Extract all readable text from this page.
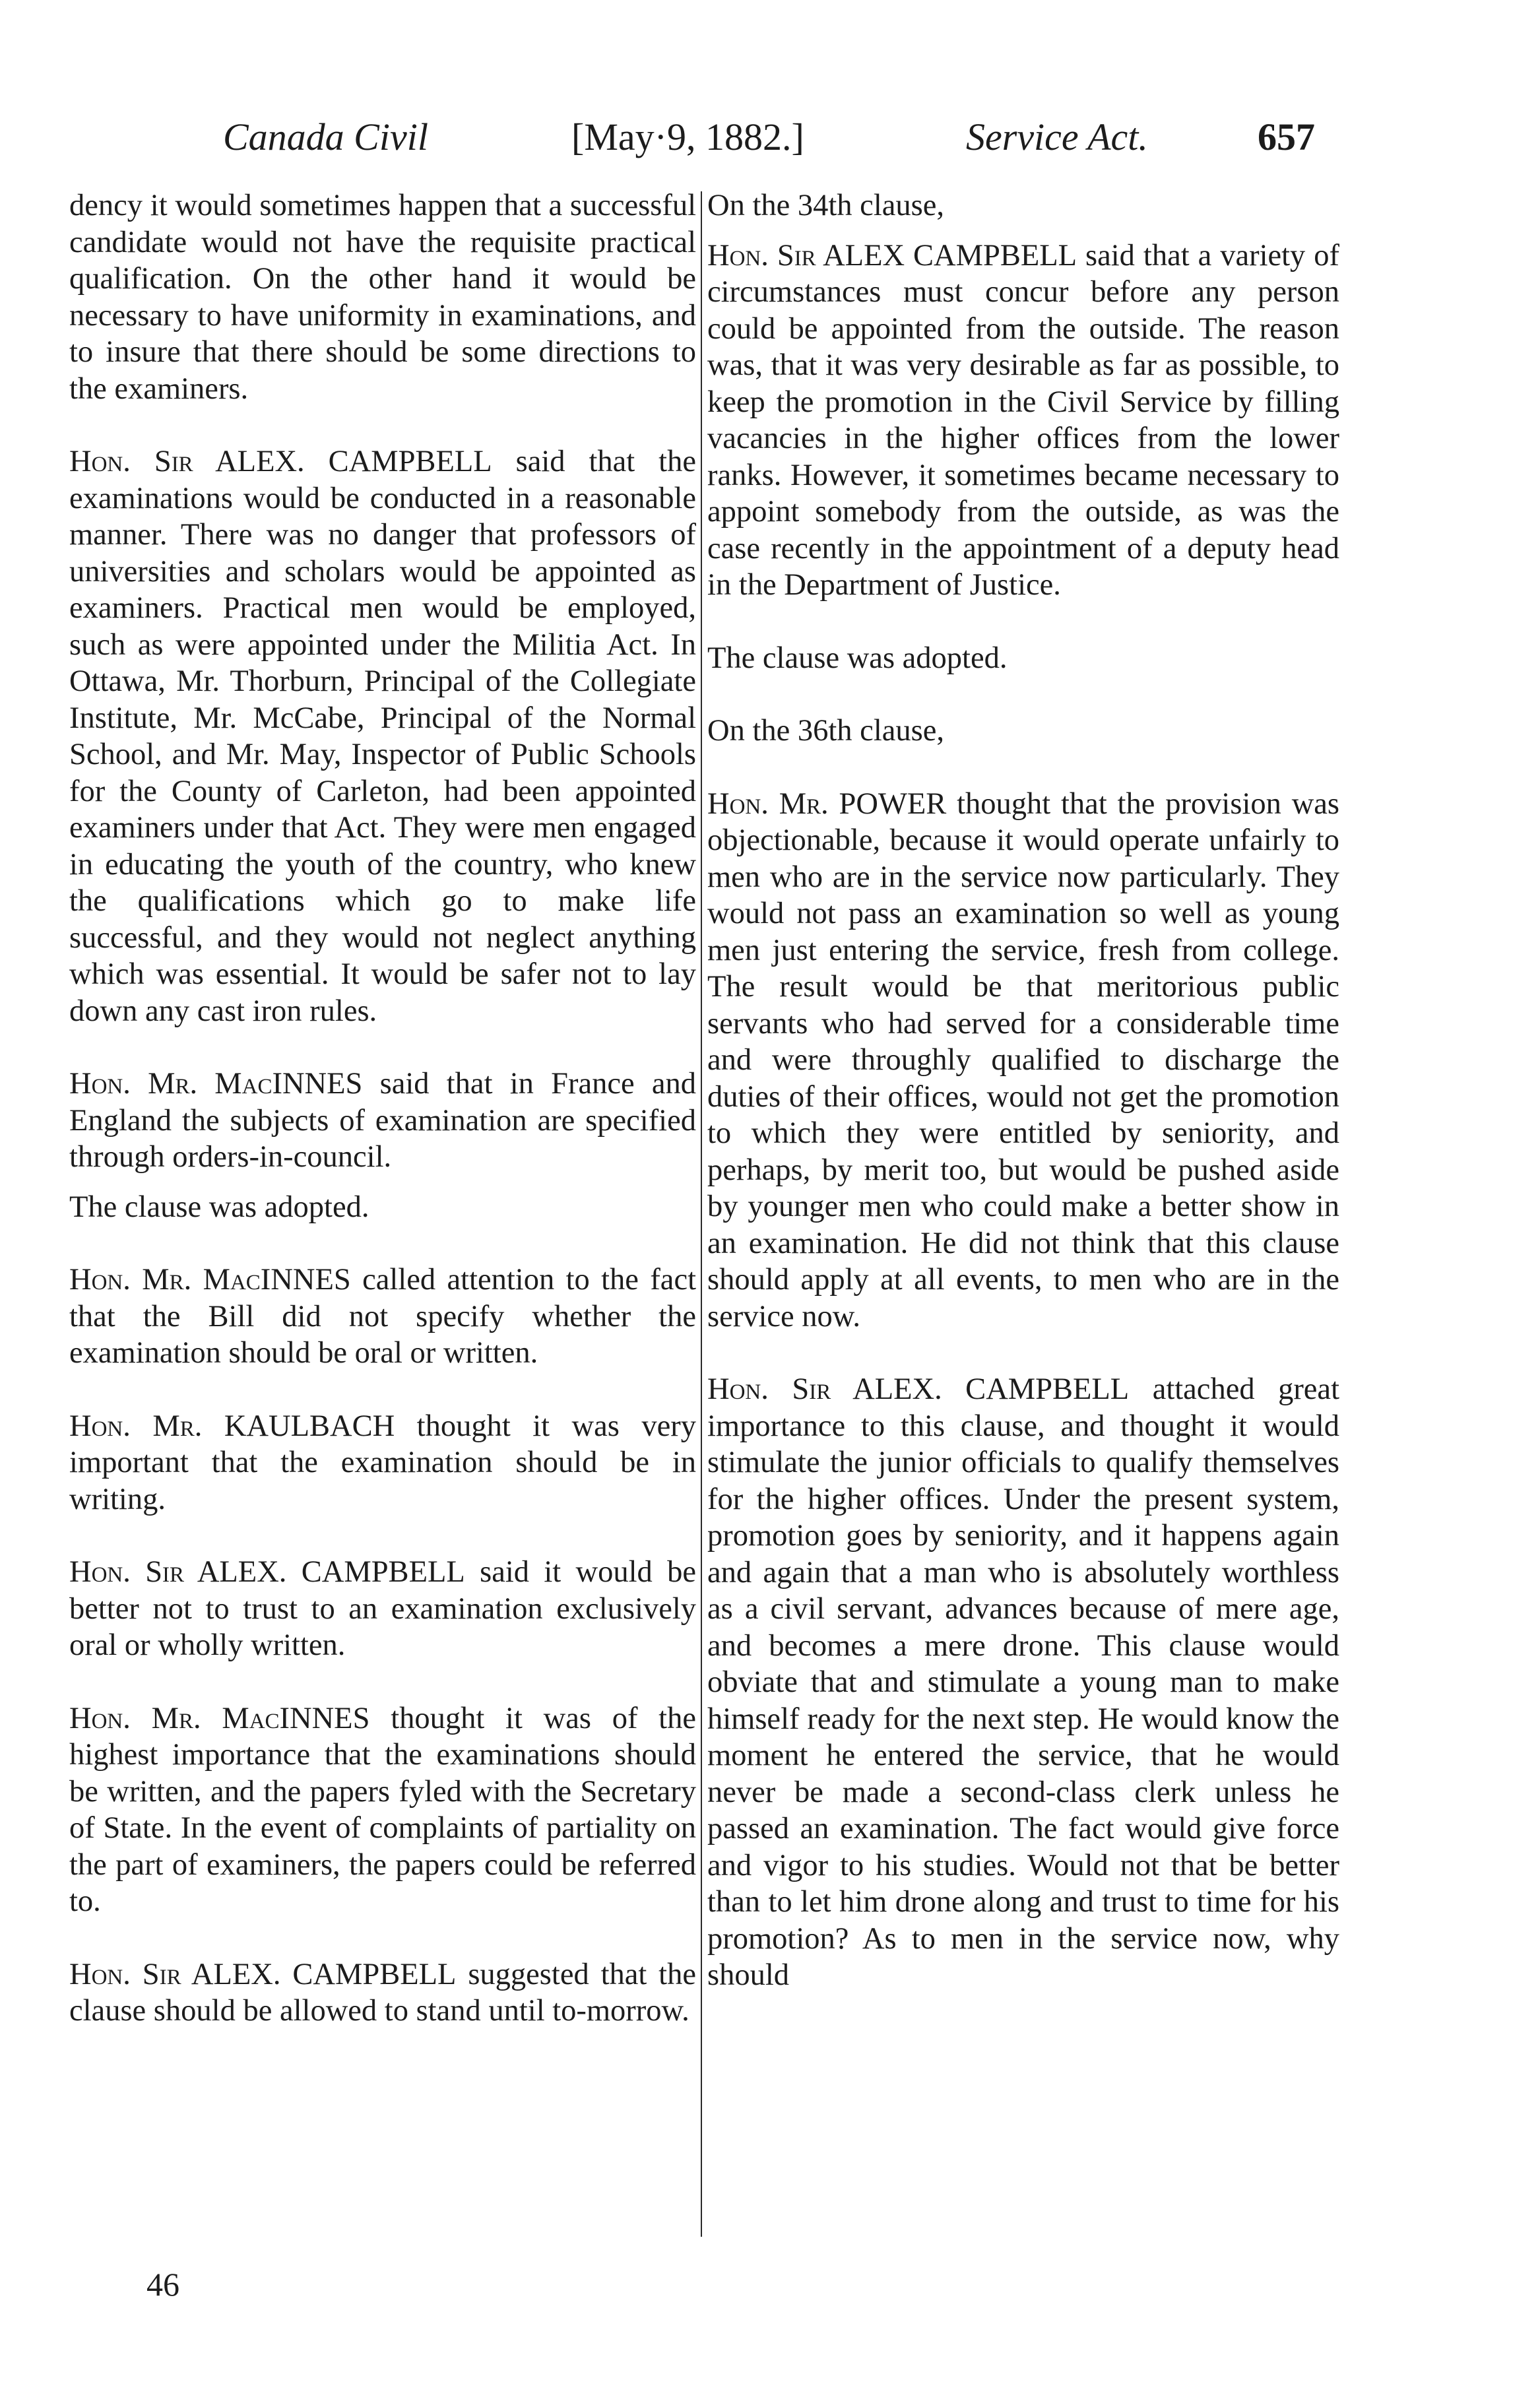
Canada Civil	[May·9, 1882.]	Service Act.	657

dency it would sometimes happen that a successful candidate would not have the requisite practical qualification. On the other hand it would be necessary to have uniformity in examinations, and to insure that there should be some directions to the examiners.

Hon. Sir ALEX. CAMPBELL said that the examinations would be conducted in a reasonable manner. There was no danger that professors of universities and scholars would be appointed as examiners. Practical men would be employed, such as were appointed under the Militia Act. In Ottawa, Mr. Thorburn, Principal of the Collegiate Institute, Mr. McCabe, Principal of the Normal School, and Mr. May, Inspector of Public Schools for the County of Carleton, had been appointed examiners under that Act. They were men engaged in educating the youth of the country, who knew the qualifications which go to make life successful, and they would not neglect anything which was essential. It would be safer not to lay down any cast iron rules.

Hon. Mr. MacINNES said that in France and England the subjects of examination are specified through orders-in-council.

The clause was adopted.

Hon. Mr. MacINNES called attention to the fact that the Bill did not specify whether the examination should be oral or written.

Hon. Mr. KAULBACH thought it was very important that the examination should be in writing.

Hon. Sir ALEX. CAMPBELL said it would be better not to trust to an examination exclusively oral or wholly written.

Hon. Mr. MacINNES thought it was of the highest importance that the examinations should be written, and the papers fyled with the Secretary of State. In the event of complaints of partiality on the part of examiners, the papers could be referred to.

Hon. Sir ALEX. CAMPBELL suggested that the clause should be allowed to stand until to-morrow.

On the 34th clause,

Hon. Sir ALEX CAMPBELL said that a variety of circumstances must concur before any person could be appointed from the outside. The reason was, that it was very desirable as far as possible, to keep the promotion in the Civil Service by filling vacancies in the higher offices from the lower ranks. However, it sometimes became necessary to appoint somebody from the outside, as was the case recently in the appointment of a deputy head in the Department of Justice.

The clause was adopted.

On the 36th clause,

Hon. Mr. POWER thought that the provision was objectionable, because it would operate unfairly to men who are in the service now particularly. They would not pass an examination so well as young men just entering the service, fresh from college. The result would be that meritorious public servants who had served for a considerable time and were throughly qualified to discharge the duties of their offices, would not get the promotion to which they were entitled by seniority, and perhaps, by merit too, but would be pushed aside by younger men who could make a better show in an examination. He did not think that this clause should apply at all events, to men who are in the service now.

Hon. Sir ALEX. CAMPBELL attached great importance to this clause, and thought it would stimulate the junior officials to qualify themselves for the higher offices. Under the present system, promotion goes by seniority, and it happens again and again that a man who is absolutely worthless as a civil servant, advances because of mere age, and becomes a mere drone. This clause would obviate that and stimulate a young man to make himself ready for the next step. He would know the moment he entered the service, that he would never be made a second-class clerk unless he passed an examination. The fact would give force and vigor to his studies. Would not that be better than to let him drone along and trust to time for his promotion? As to men in the service now, why should

46
